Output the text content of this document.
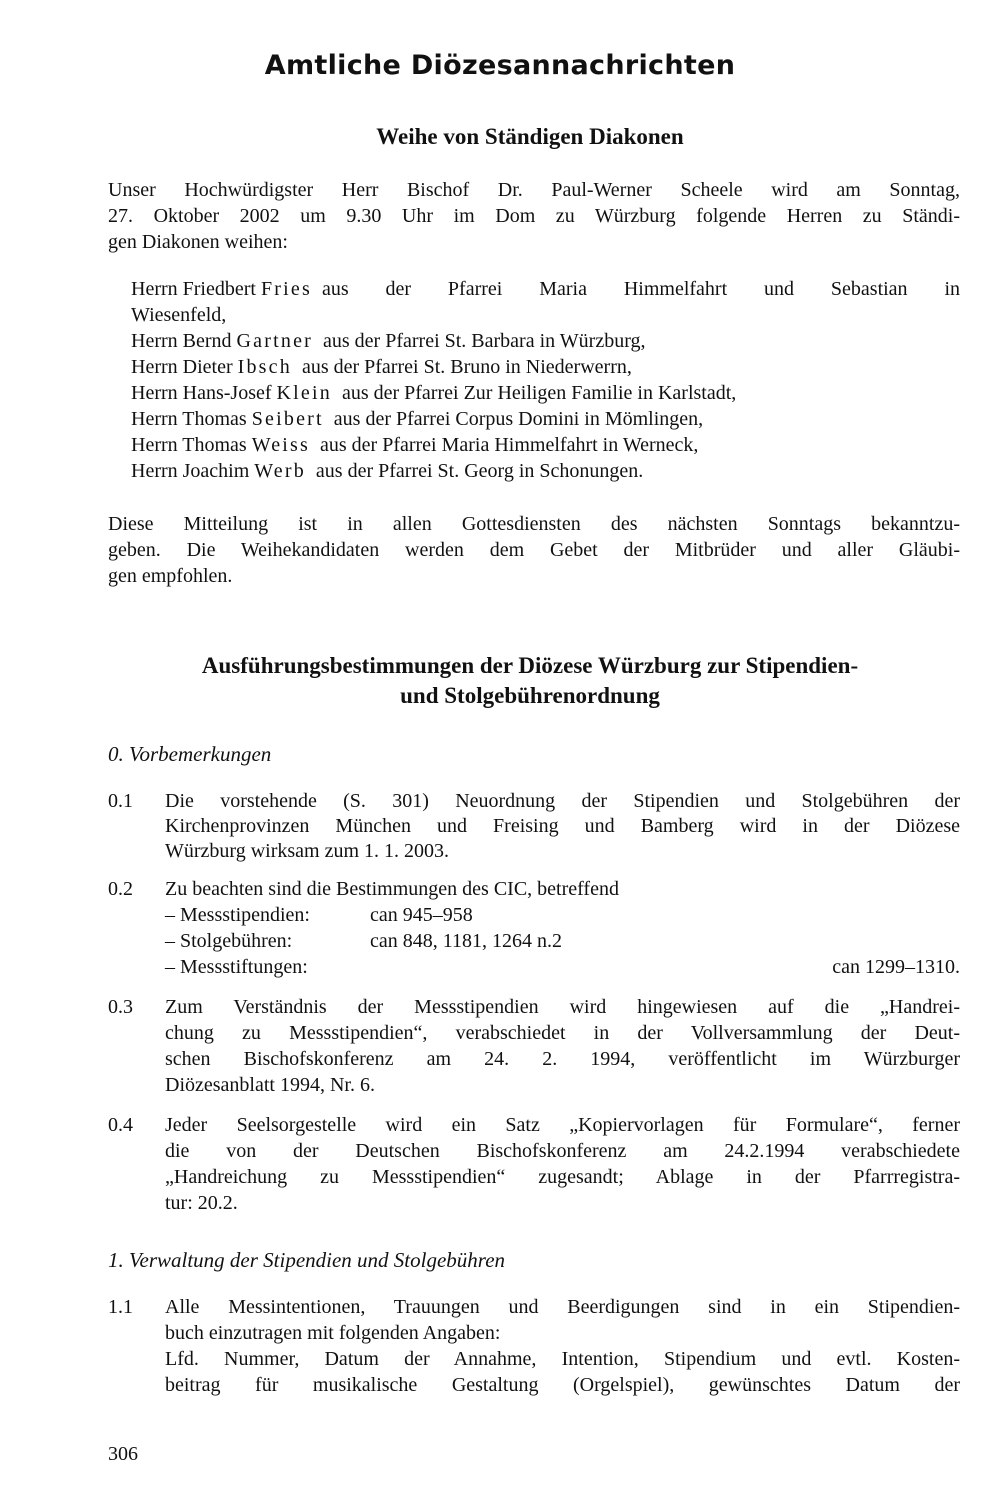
Amtliche Diözesannachrichten
Weihe von Ständigen Diakonen
Unser Hochwürdigster Herr Bischof Dr. Paul-Werner Scheele wird am Sonntag,
27. Oktober 2002 um 9.30 Uhr im Dom zu Würzburg folgende Herren zu Ständi-
gen Diakonen weihen:
Herrn Friedbert
Fries
aus der Pfarrei Maria Himmelfahrt und Sebastian in
Wiesenfeld,
Herrn Bernd Gartner aus der Pfarrei St. Barbara in Würzburg,
Herrn Dieter Ibsch aus der Pfarrei St. Bruno in Niederwerrn,
Herrn Hans-Josef Klein aus der Pfarrei Zur Heiligen Familie in Karlstadt,
Herrn Thomas Seibert aus der Pfarrei Corpus Domini in Mömlingen,
Herrn Thomas Weiss aus der Pfarrei Maria Himmelfahrt in Werneck,
Herrn Joachim Werb aus der Pfarrei St. Georg in Schonungen.
Diese Mitteilung ist in allen Gottesdiensten des nächsten Sonntags bekanntzu-
geben. Die Weihekandidaten werden dem Gebet der Mitbrüder und aller Gläubi-
gen empfohlen.
Ausführungsbestimmungen der Diözese Würzburg zur Stipendien-
und Stolgebührenordnung
0. Vorbemerkungen
0.1	Die vorstehende (S. 301) Neuordnung der Stipendien und Stolgebühren der
Kirchenprovinzen München und Freising und Bamberg wird in der Diözese
Würzburg wirksam zum 1. 1. 2003.
0.2	Zu beachten sind die Bestimmungen des CIC, betreffend
– Messstipendien:	can 945–958
– Stolgebühren:	can 848, 1181, 1264 n.2
– Messstiftungen:	can 1299–1310.
0.3	Zum Verständnis der Messstipendien wird hingewiesen auf die „Handrei-
chung zu Messstipendien“, verabschiedet in der Vollversammlung der Deut-
schen Bischofskonferenz am 24. 2. 1994, veröffentlicht im Würzburger
Diözesanblatt 1994, Nr. 6.
0.4	Jeder Seelsorgestelle wird ein Satz „Kopiervorlagen für Formulare“, ferner
die von der Deutschen Bischofskonferenz am 24.2.1994 verabschiedete
„Handreichung zu Messstipendien“ zugesandt; Ablage in der Pfarrregistra-
tur: 20.2.
1. Verwaltung der Stipendien und Stolgebühren
1.1	Alle Messintentionen, Trauungen und Beerdigungen sind in ein Stipendien-
buch einzutragen mit folgenden Angaben:
Lfd. Nummer, Datum der Annahme, Intention, Stipendium und evtl. Kosten-
beitrag für musikalische Gestaltung (Orgelspiel), gewünschtes Datum der
306
